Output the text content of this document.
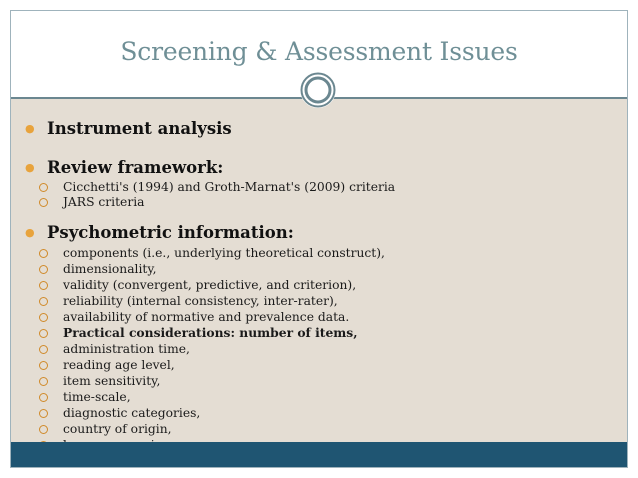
Screening & Assessment Issues
● Instrument analysis
● Review framework:
Cicchetti's (1994) and Groth-Marnat's (2009) criteria
JARS criteria
● Psychometric information:
components (i.e., underlying theoretical construct),
dimensionality,
validity (convergent, predictive, and criterion),
reliability (internal consistency, inter-rater),
availability of normative and prevalence data.
Practical considerations: number of items,
administration time,
reading age level,
item sensitivity,
time-scale,
diagnostic categories,
country of origin,
